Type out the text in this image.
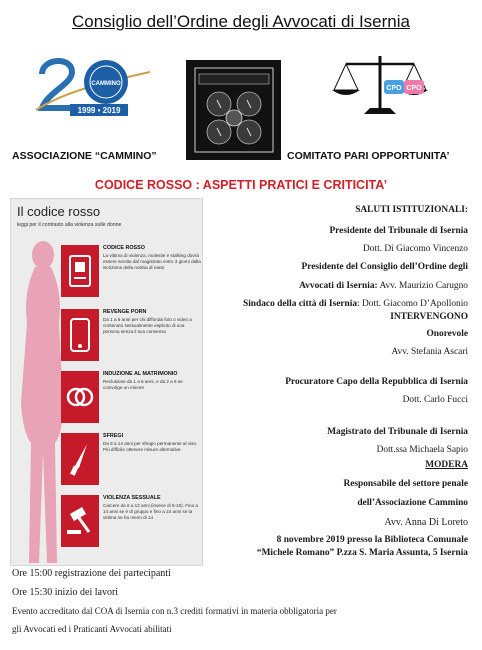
Consiglio dell’Ordine degli Avvocati di Isernia
CAMMINO
1999 • 2019
CPO CPO
ASSOCIAZIONE “CAMMINO”	COMITATO PARI OPPORTUNITA’
CODICE ROSSO : ASPETTI PRATICI E CRITICITA’
Il codice rosso
leggi per il contrasto alla violenza sulle donne
CODICE ROSSO
La vittima di violenza, molestie e stalking dovrà essere sentita dal magistrato entro 3 giorni dalla iscrizione della notizia di reato
REVENGE PORN
Da 1 a 6 anni per chi diffonda foto o video a contenuto sessualmente esplicito di una persona senza il suo consenso
INDUZIONE AL MATRIMONIO
Reclusione da 1 a 5 anni, e da 2 a 6 se coinvolge un minore
SFREGI
Da 8 a 14 anni per sfregio permanente al viso. Più difficile ottenere misure alternative
VIOLENZA SESSUALE
Carcere da 6 a 12 anni (invece di 5-10). Fino a 14 anni se è di gruppo e fino a 24 anni se la vittima ne ha meno di 14
SALUTI ISTITUZIONALI:
Presidente del Tribunale di Isernia
Dott. Di Giacomo Vincenzo
Presidente del Consiglio dell’Ordine degli
Avvocati di Isernia: Avv. Maurizio Carugno
Sindaco della città di Isernia: Dott. Giacomo D’Apollonio
INTERVENGONO
Onorevole
Avv. Stefania Ascari
Procuratore Capo della Repubblica di Isernia
Dott. Carlo Fucci
Magistrato del Tribunale di Isernia
Dott.ssa Michaela Sapio
MODERA
Responsabile del settore penale
dell’Associazione Cammino
Avv. Anna Di Loreto
8 novembre 2019 presso la Biblioteca Comunale
“Michele Romano” P.zza S. Maria Assunta, 5 Isernia
Ore 15:00 registrazione dei partecipanti
Ore 15:30 inizio dei lavori
Evento accreditato dal COA di Isernia con n.3 crediti formativi in materia obbligatoria per
gli Avvocati ed i Praticanti Avvocati abilitati
